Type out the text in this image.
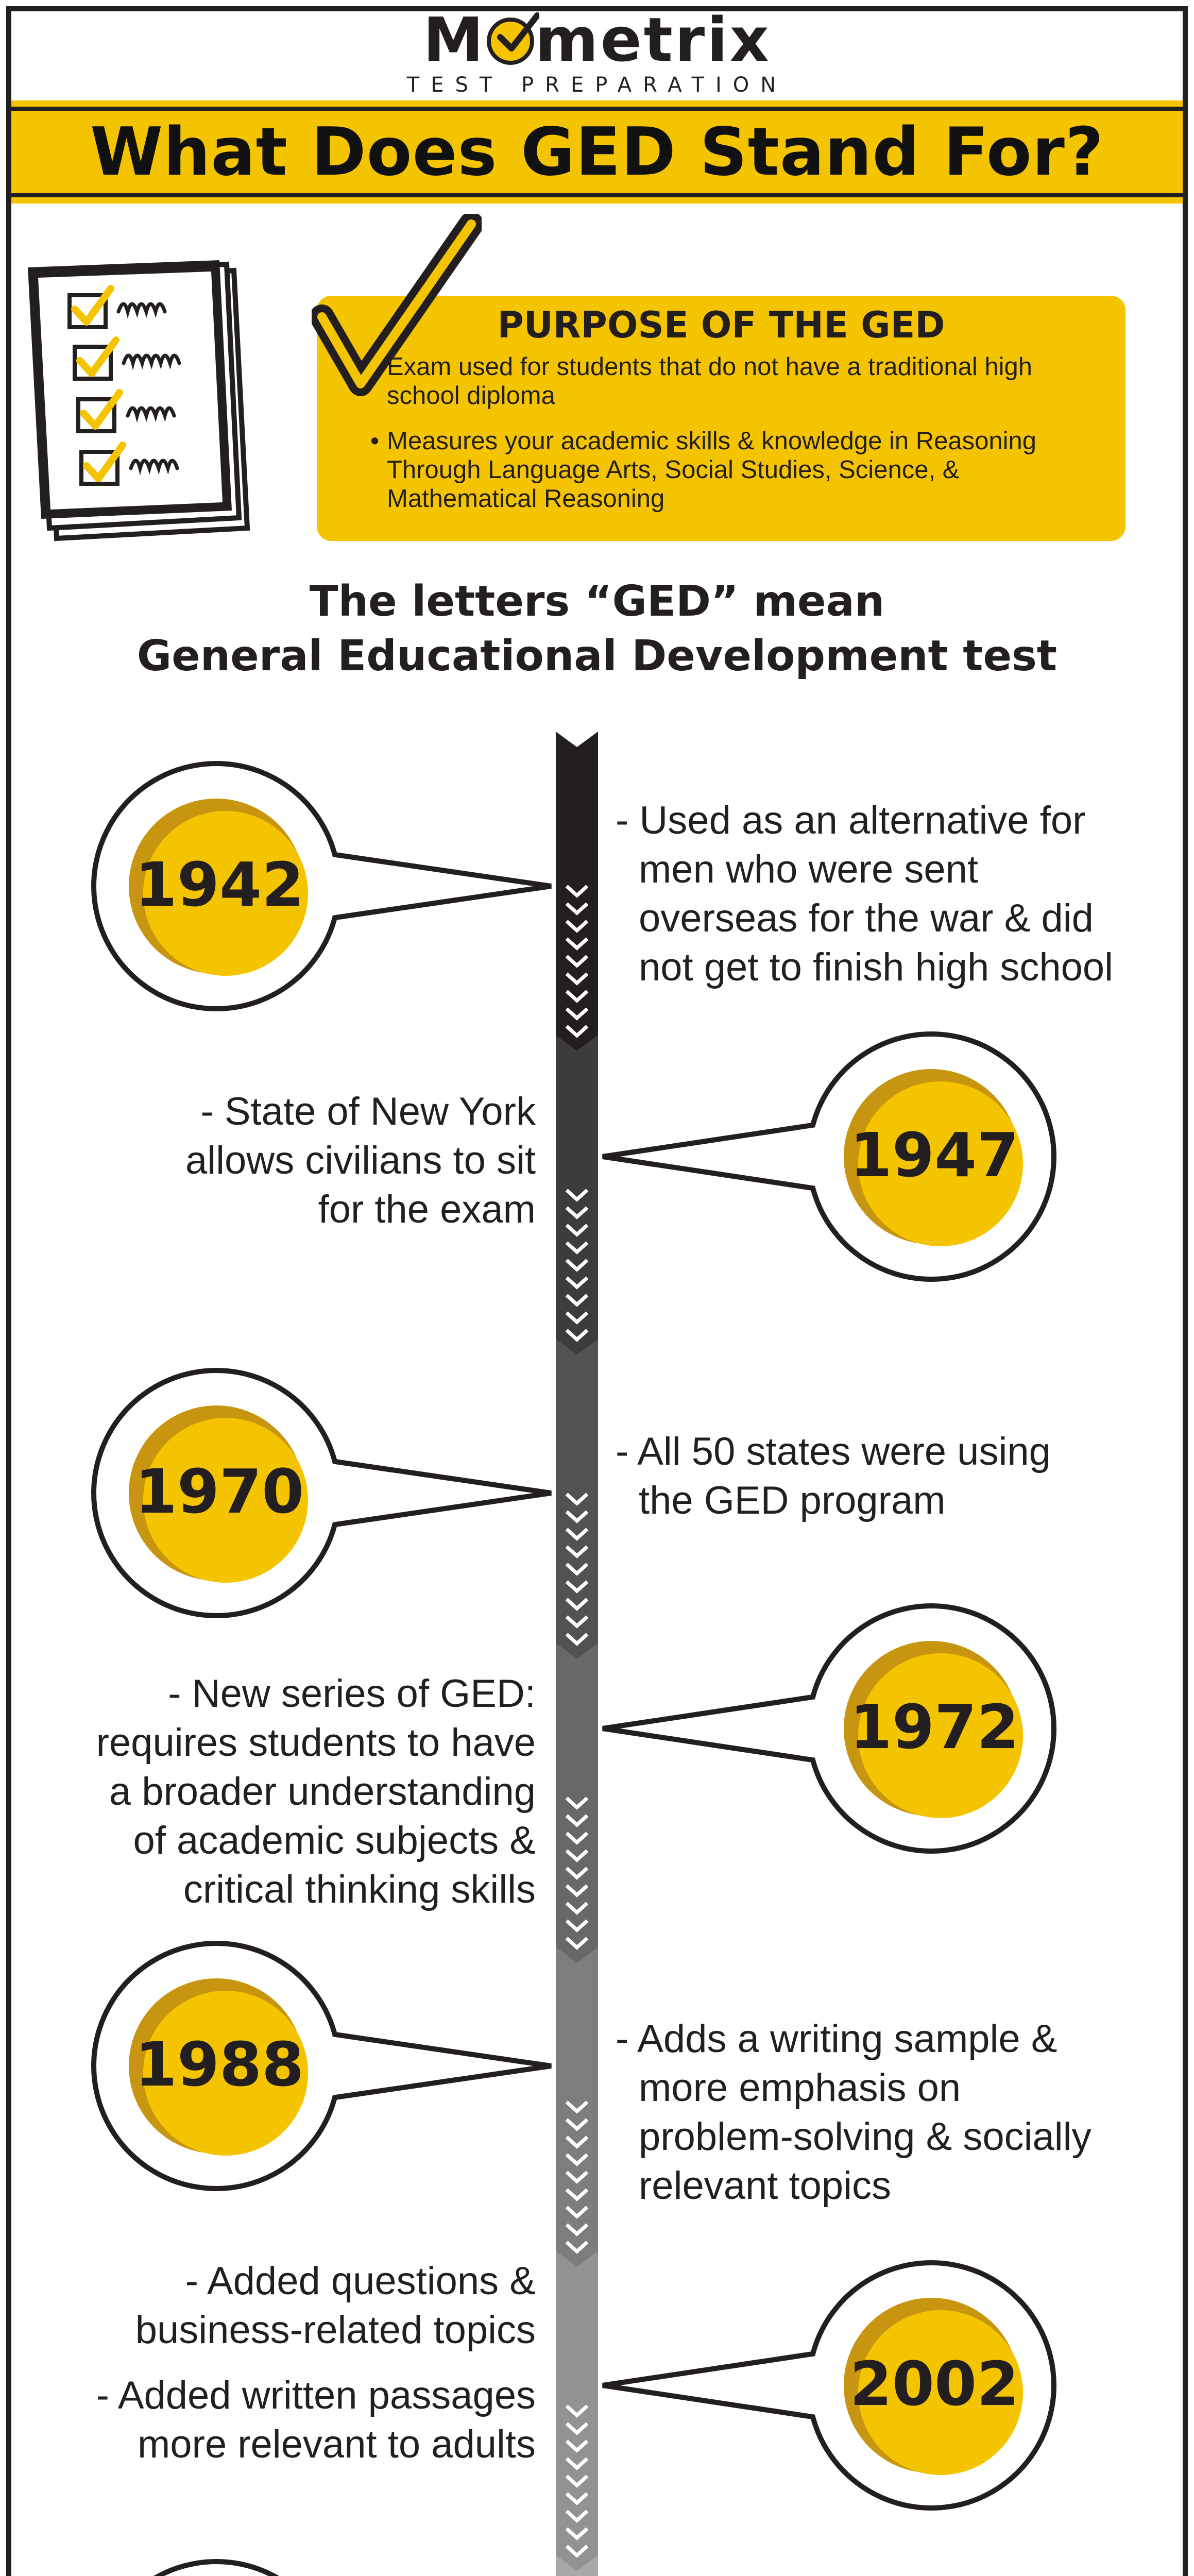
M metrix
TEST PREPARATION
What Does GED Stand For?
PURPOSE OF THE GED
• Exam used for students that do not have a traditional high school diploma
• Measures your academic skills & knowledge in Reasoning Through Language Arts, Social Studies, Science, & Mathematical Reasoning
The letters “GED” mean
General Educational Development test
1942
- Used as an alternative for
men who were sent
overseas for the war & did
not get to finish high school
1947
- State of New York
allows civilians to sit
for the exam
1970
- All 50 states were using
the GED program
1972
- New series of GED:
requires students to have
a broader understanding
of academic subjects &
critical thinking skills
1988	- Adds a writing sample &
more emphasis on
problem-solving & socially
relevant topics
2002
- Added questions &
business-related topics
- Added written passages
more relevant to adults
